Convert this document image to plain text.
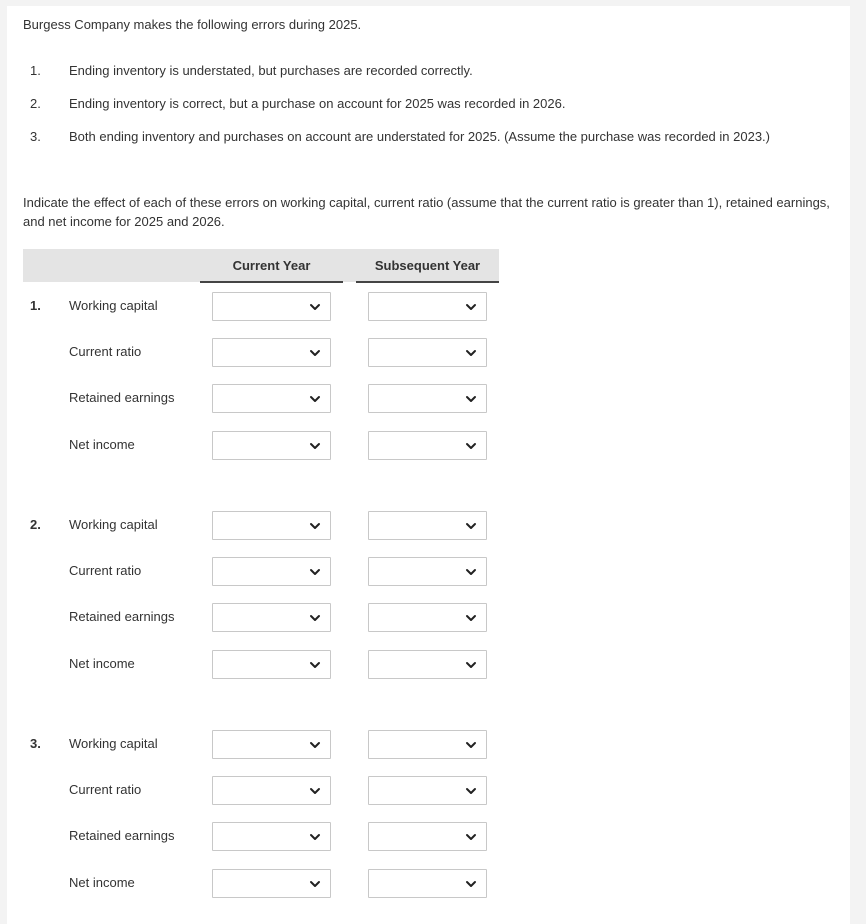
Burgess Company makes the following errors during 2025.
1.	Ending inventory is understated, but purchases are recorded correctly.
2.	Ending inventory is correct, but a purchase on account for 2025 was recorded in 2026.
3.	Both ending inventory and purchases on account are understated for 2025. (Assume the purchase was recorded in 2023.)
Indicate the effect of each of these errors on working capital, current ratio (assume that the current ratio is greater than 1), retained earnings, and net income for 2025 and 2026.
Current Year	Subsequent Year
1. Working capital
Current ratio
Retained earnings
Net income
2. Working capital
Current ratio
Retained earnings
Net income
3. Working capital
Current ratio
Retained earnings
Net income
